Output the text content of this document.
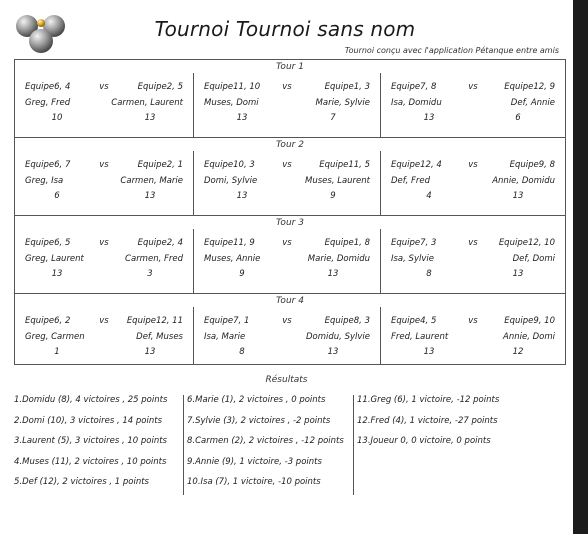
Tournoi Tournoi sans nom
Tournoi conçu avec l'application Pétanque entre amis
Tour 1
Equipe6, 4	vs	Equipe2, 5
Greg, Fred	Carmen, Laurent
10	13
Equipe11, 10	vs	Equipe1, 3
Muses, Domi	Marie, Sylvie
13	7
Equipe7, 8	vs	Equipe12, 9
Isa, Domidu	Def, Annie
13	6
Tour 2
Equipe6, 7	vs	Equipe2, 1
Greg, Isa	Carmen, Marie
6	13
Equipe10, 3	vs	Equipe11, 5
Domi, Sylvie	Muses, Laurent
13	9
Equipe12, 4	vs	Equipe9, 8
Def, Fred	Annie, Domidu
4	13
Tour 3
Equipe6, 5	vs	Equipe2, 4
Greg, Laurent	Carmen, Fred
13	3
Equipe11, 9	vs	Equipe1, 8
Muses, Annie	Marie, Domidu
9	13
Equipe7, 3	vs	Equipe12, 10
Isa, Sylvie	Def, Domi
8	13
Tour 4
Equipe6, 2	vs	Equipe12, 11
Greg, Carmen	Def, Muses
1	13
Equipe7, 1	vs	Equipe8, 3
Isa, Marie	Domidu, Sylvie
8	13
Equipe4, 5	vs	Equipe9, 10
Fred, Laurent	Annie, Domi
13	12
Résultats
1.Domidu (8), 4 victoires , 25 points
2.Domi (10), 3 victoires , 14 points
3.Laurent (5), 3 victoires , 10 points
4.Muses (11), 2 victoires , 10 points
5.Def (12), 2 victoires , 1 points
6.Marie (1), 2 victoires , 0 points
7.Sylvie (3), 2 victoires , -2 points
8.Carmen (2), 2 victoires , -12 points
9.Annie (9), 1 victoire, -3 points
10.Isa (7), 1 victoire, -10 points
11.Greg (6), 1 victoire, -12 points
12.Fred (4), 1 victoire, -27 points
13.Joueur 0, 0 victoire, 0 points
